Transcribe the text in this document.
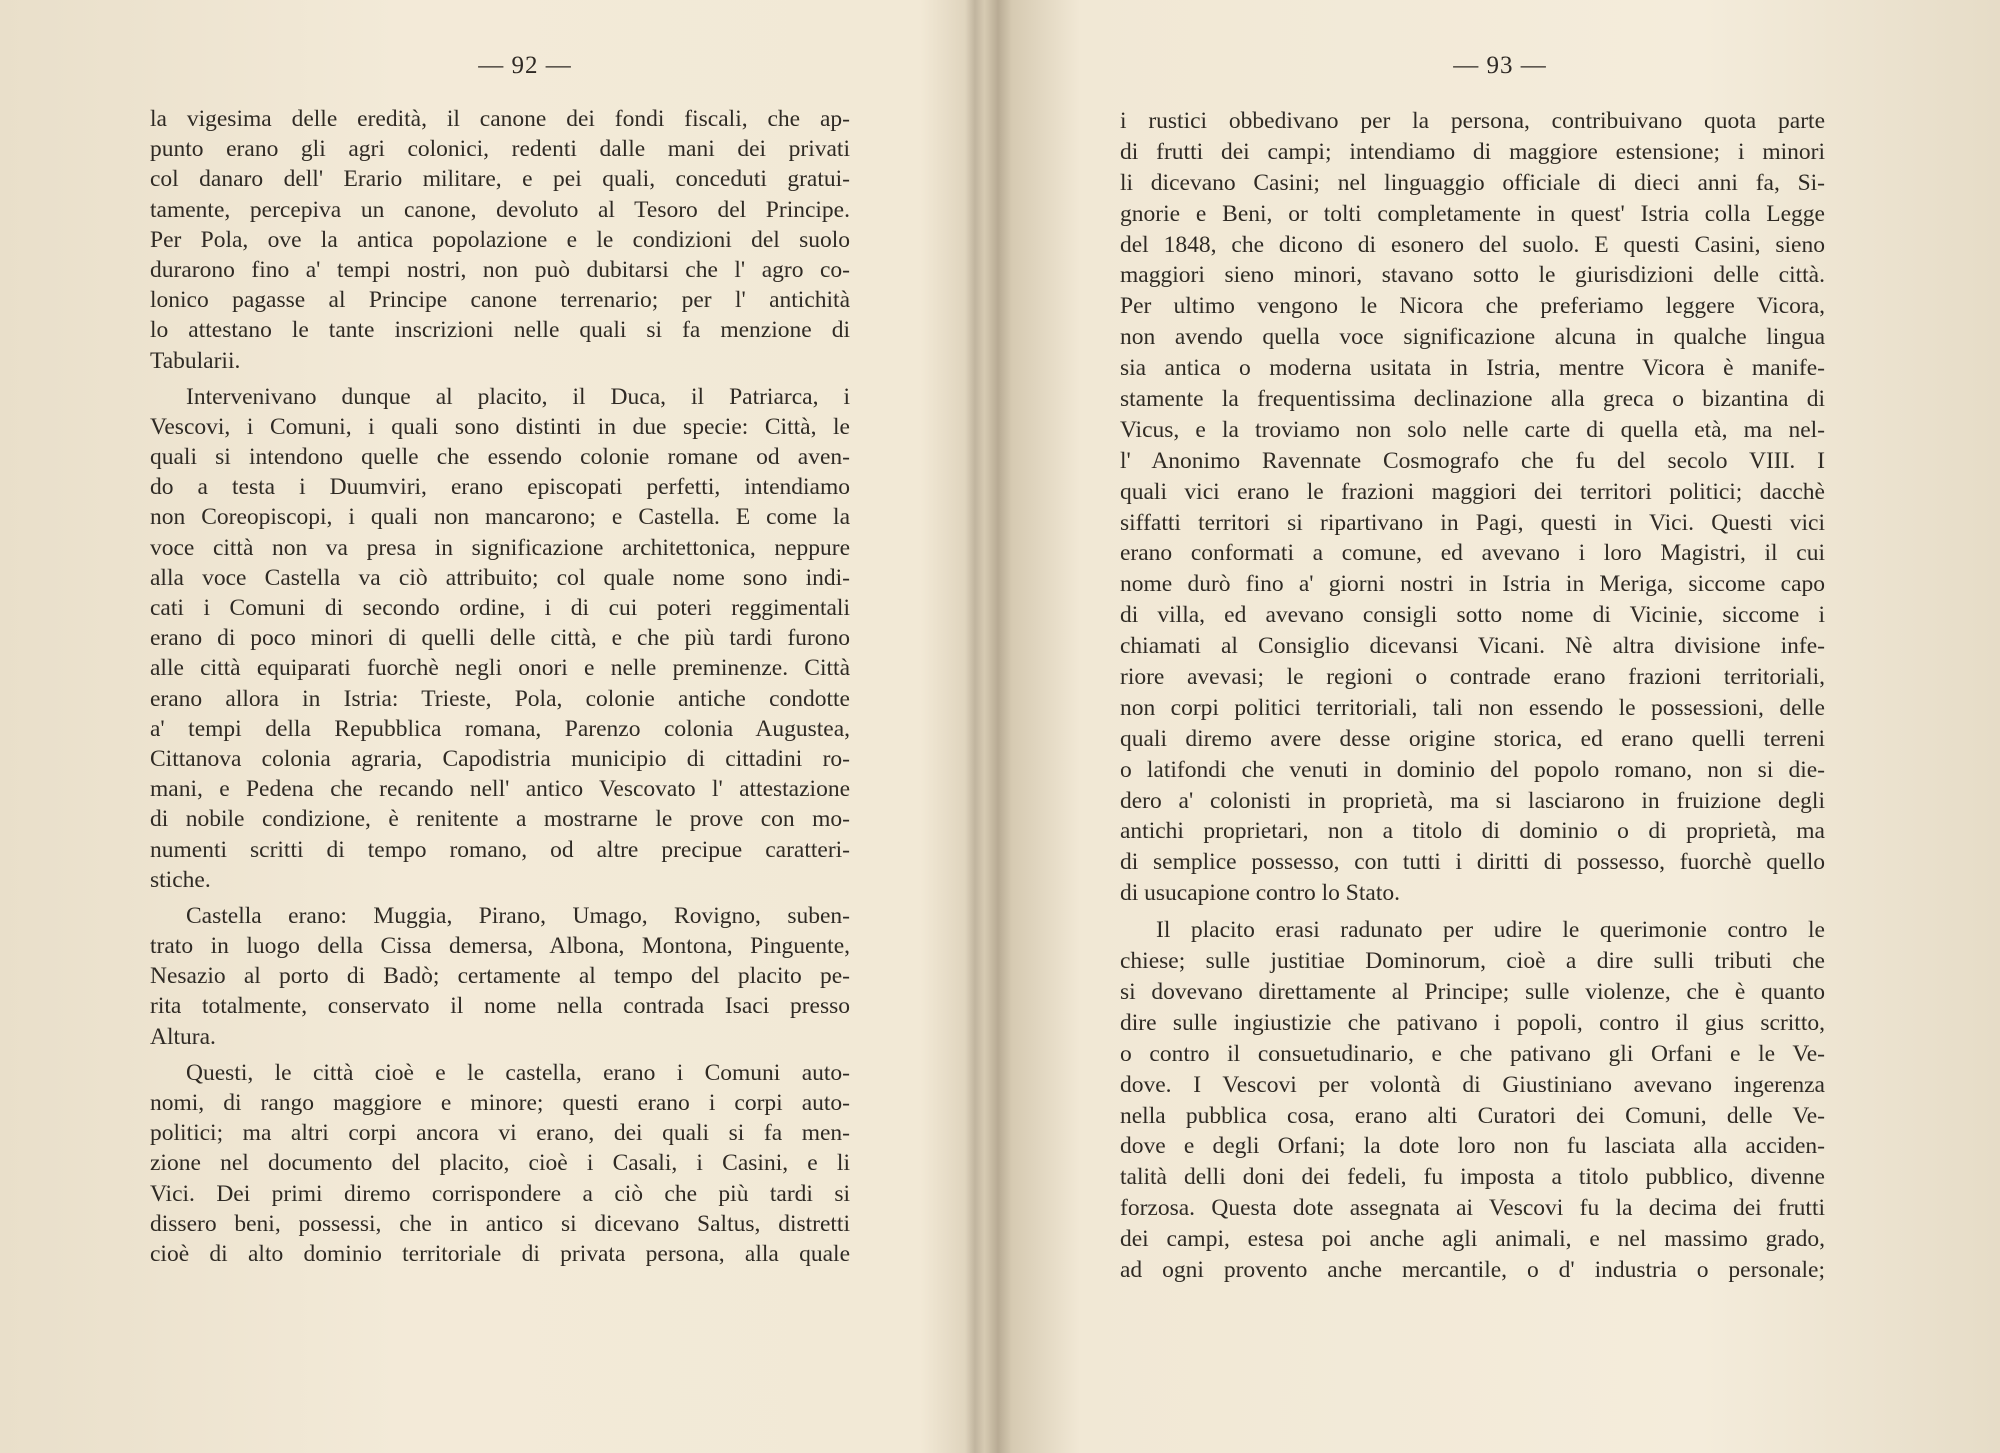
— 92 —
la vigesima delle eredità, il canone dei fondi fiscali, che ap-
punto erano gli agri colonici, redenti dalle mani dei privati
col danaro dell' Erario militare, e pei quali, conceduti gratui-
tamente, percepiva un canone, devoluto al Tesoro del Principe.
Per Pola, ove la antica popolazione e le condizioni del suolo
durarono fino a' tempi nostri, non può dubitarsi che l' agro co-
lonico pagasse al Principe canone terrenario; per l' antichità
lo attestano le tante inscrizioni nelle quali si fa menzione di
Tabularii.
Intervenivano dunque al placito, il Duca, il Patriarca, i
Vescovi, i Comuni, i quali sono distinti in due specie: Città, le
quali si intendono quelle che essendo colonie romane od aven-
do a testa i Duumviri, erano episcopati perfetti, intendiamo
non Coreopiscopi, i quali non mancarono; e Castella. E come la
voce città non va presa in significazione architettonica, neppure
alla voce Castella va ciò attribuito; col quale nome sono indi-
cati i Comuni di secondo ordine, i di cui poteri reggimentali
erano di poco minori di quelli delle città, e che più tardi furono
alle città equiparati fuorchè negli onori e nelle preminenze. Città
erano allora in Istria: Trieste, Pola, colonie antiche condotte
a' tempi della Repubblica romana, Parenzo colonia Augustea,
Cittanova colonia agraria, Capodistria municipio di cittadini ro-
mani, e Pedena che recando nell' antico Vescovato l' attestazione
di nobile condizione, è renitente a mostrarne le prove con mo-
numenti scritti di tempo romano, od altre precipue caratteri-
stiche.
Castella erano: Muggia, Pirano, Umago, Rovigno, suben-
trato in luogo della Cissa demersa, Albona, Montona, Pinguente,
Nesazio al porto di Badò; certamente al tempo del placito pe-
rita totalmente, conservato il nome nella contrada Isaci presso
Altura.
Questi, le città cioè e le castella, erano i Comuni auto-
nomi, di rango maggiore e minore; questi erano i corpi auto-
politici; ma altri corpi ancora vi erano, dei quali si fa men-
zione nel documento del placito, cioè i Casali, i Casini, e li
Vici. Dei primi diremo corrispondere a ciò che più tardi si
dissero beni, possessi, che in antico si dicevano Saltus, distretti
cioè di alto dominio territoriale di privata persona, alla quale
— 93 —
i rustici obbedivano per la persona, contribuivano quota parte
di frutti dei campi; intendiamo di maggiore estensione; i minori
li dicevano Casini; nel linguaggio officiale di dieci anni fa, Si-
gnorie e Beni, or tolti completamente in quest' Istria colla Legge
del 1848, che dicono di esonero del suolo. E questi Casini, sieno
maggiori sieno minori, stavano sotto le giurisdizioni delle città.
Per ultimo vengono le Nicora che preferiamo leggere Vicora,
non avendo quella voce significazione alcuna in qualche lingua
sia antica o moderna usitata in Istria, mentre Vicora è manife-
stamente la frequentissima declinazione alla greca o bizantina di
Vicus, e la troviamo non solo nelle carte di quella età, ma nel-
l' Anonimo Ravennate Cosmografo che fu del secolo VIII. I
quali vici erano le frazioni maggiori dei territori politici; dacchè
siffatti territori si ripartivano in Pagi, questi in Vici. Questi vici
erano conformati a comune, ed avevano i loro Magistri, il cui
nome durò fino a' giorni nostri in Istria in Meriga, siccome capo
di villa, ed avevano consigli sotto nome di Vicinie, siccome i
chiamati al Consiglio dicevansi Vicani. Nè altra divisione infe-
riore avevasi; le regioni o contrade erano frazioni territoriali,
non corpi politici territoriali, tali non essendo le possessioni, delle
quali diremo avere desse origine storica, ed erano quelli terreni
o latifondi che venuti in dominio del popolo romano, non si die-
dero a' colonisti in proprietà, ma si lasciarono in fruizione degli
antichi proprietari, non a titolo di dominio o di proprietà, ma
di semplice possesso, con tutti i diritti di possesso, fuorchè quello
di usucapione contro lo Stato.
Il placito erasi radunato per udire le querimonie contro le
chiese; sulle justitiae Dominorum, cioè a dire sulli tributi che
si dovevano direttamente al Principe; sulle violenze, che è quanto
dire sulle ingiustizie che pativano i popoli, contro il gius scritto,
o contro il consuetudinario, e che pativano gli Orfani e le Ve-
dove. I Vescovi per volontà di Giustiniano avevano ingerenza
nella pubblica cosa, erano alti Curatori dei Comuni, delle Ve-
dove e degli Orfani; la dote loro non fu lasciata alla acciden-
talità delli doni dei fedeli, fu imposta a titolo pubblico, divenne
forzosa. Questa dote assegnata ai Vescovi fu la decima dei frutti
dei campi, estesa poi anche agli animali, e nel massimo grado,
ad ogni provento anche mercantile, o d' industria o personale;
